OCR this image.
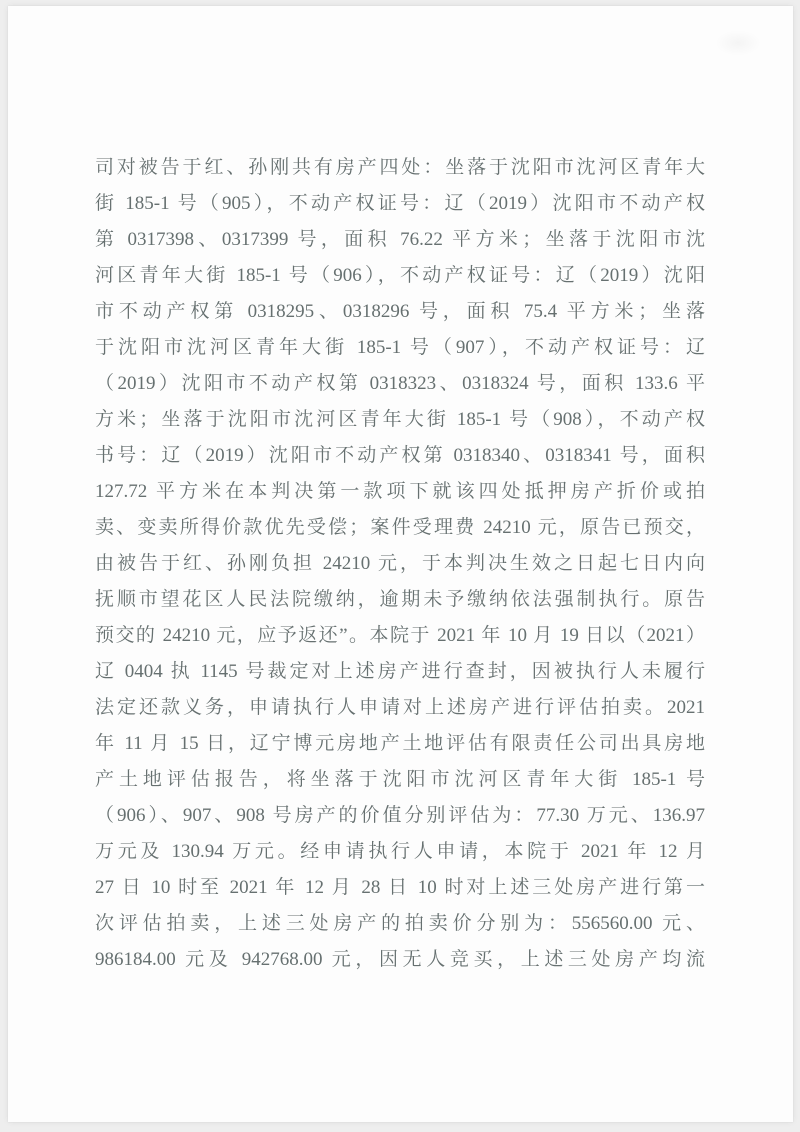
司对被告于红、孙刚共有房产四处：坐落于沈阳市沈河区青年大
街 185-1 号（905），不动产权证号：辽（2019）沈阳市不动产权
第 0317398、0317399 号，面积 76.22 平方米；坐落于沈阳市沈
河区青年大街 185-1 号（906），不动产权证号：辽（2019）沈阳
市不动产权第 0318295、0318296 号，面积 75.4 平方米；坐落
于沈阳市沈河区青年大街 185-1 号（907），不动产权证号：辽
（2019）沈阳市不动产权第 0318323、0318324 号，面积 133.6 平
方米；坐落于沈阳市沈河区青年大街 185-1 号（908），不动产权
书号：辽（2019）沈阳市不动产权第 0318340、0318341 号，面积
127.72 平方米在本判决第一款项下就该四处抵押房产折价或拍
卖、变卖所得价款优先受偿；案件受理费 24210 元，原告已预交，
由被告于红、孙刚负担 24210 元，于本判决生效之日起七日内向
抚顺市望花区人民法院缴纳，逾期未予缴纳依法强制执行。原告
预交的 24210 元，应予返还”。本院于 2021 年 10 月 19 日以（2021）
辽 0404 执 1145 号裁定对上述房产进行查封，因被执行人未履行
法定还款义务，申请执行人申请对上述房产进行评估拍卖。2021
年 11 月 15 日，辽宁博元房地产土地评估有限责任公司出具房地
产土地评估报告，将坐落于沈阳市沈河区青年大街 185-1 号
（906）、907、908 号房产的价值分别评估为：77.30 万元、136.97
万元及 130.94 万元。经申请执行人申请，本院于 2021 年 12 月
27 日 10 时至 2021 年 12 月 28 日 10 时对上述三处房产进行第一
次评估拍卖，上述三处房产的拍卖价分别为：556560.00 元、
986184.00 元及 942768.00 元，因无人竞买，上述三处房产均流
